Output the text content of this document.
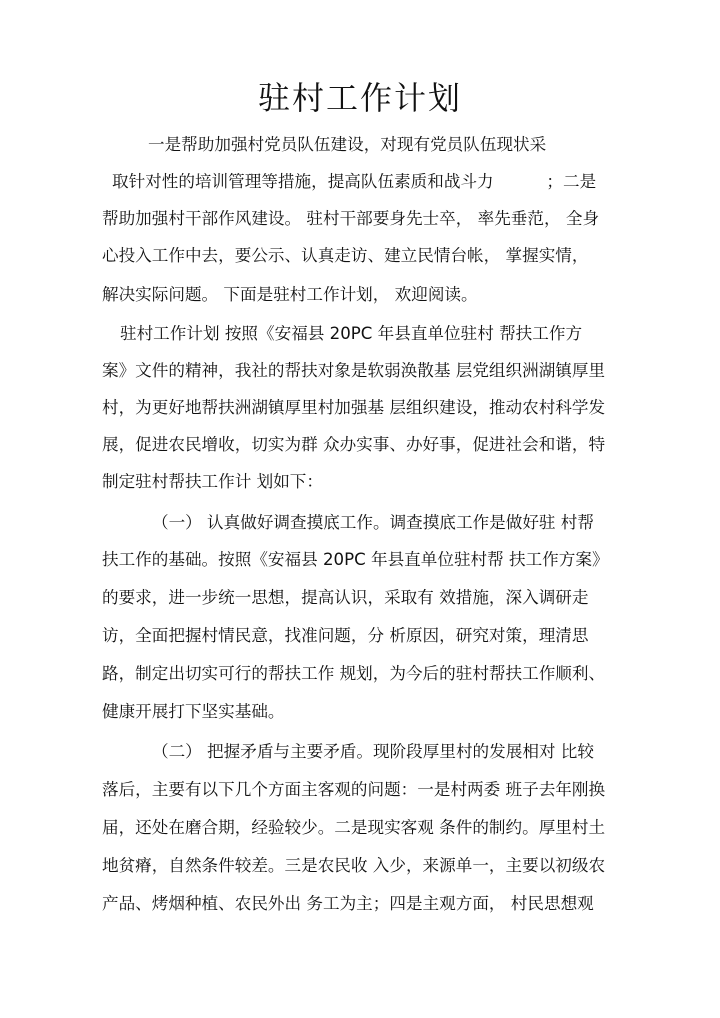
驻村工作计划
一是帮助加强村党员队伍建设，对现有党员队伍现状采
取针对性的培训管理等措施，提高队伍素质和战斗力          ；二是
帮助加强村干部作风建设。 驻村干部要身先士卒， 率先垂范， 全身
心投入工作中去，要公示、认真走访、建立民情台帐， 掌握实情，
解决实际问题。 下面是驻村工作计划， 欢迎阅读。
驻村工作计划 按照《安福县 20PC 年县直单位驻村 帮扶工作方
案》文件的精神，我社的帮扶对象是软弱涣散基 层党组织洲湖镇厚里
村，为更好地帮扶洲湖镇厚里村加强基 层组织建设，推动农村科学发
展，促进农民增收，切实为群 众办实事、办好事，促进社会和谐，特
制定驻村帮扶工作计 划如下：
（一） 认真做好调查摸底工作。调查摸底工作是做好驻 村帮
扶工作的基础。按照《安福县 20PC 年县直单位驻村帮 扶工作方案》
的要求，进一步统一思想，提高认识，采取有 效措施，深入调研走
访，全面把握村情民意，找准问题，分 析原因，研究对策，理清思
路，制定出切实可行的帮扶工作 规划，为今后的驻村帮扶工作顺利、
健康开展打下坚实基础。
（二） 把握矛盾与主要矛盾。现阶段厚里村的发展相对 比较
落后，主要有以下几个方面主客观的问题：一是村两委 班子去年刚换
届，还处在磨合期，经验较少。二是现实客观 条件的制约。厚里村土
地贫瘠，自然条件较差。三是农民收 入少，来源单一，主要以初级农
产品、烤烟种植、农民外出 务工为主；四是主观方面， 村民思想观
